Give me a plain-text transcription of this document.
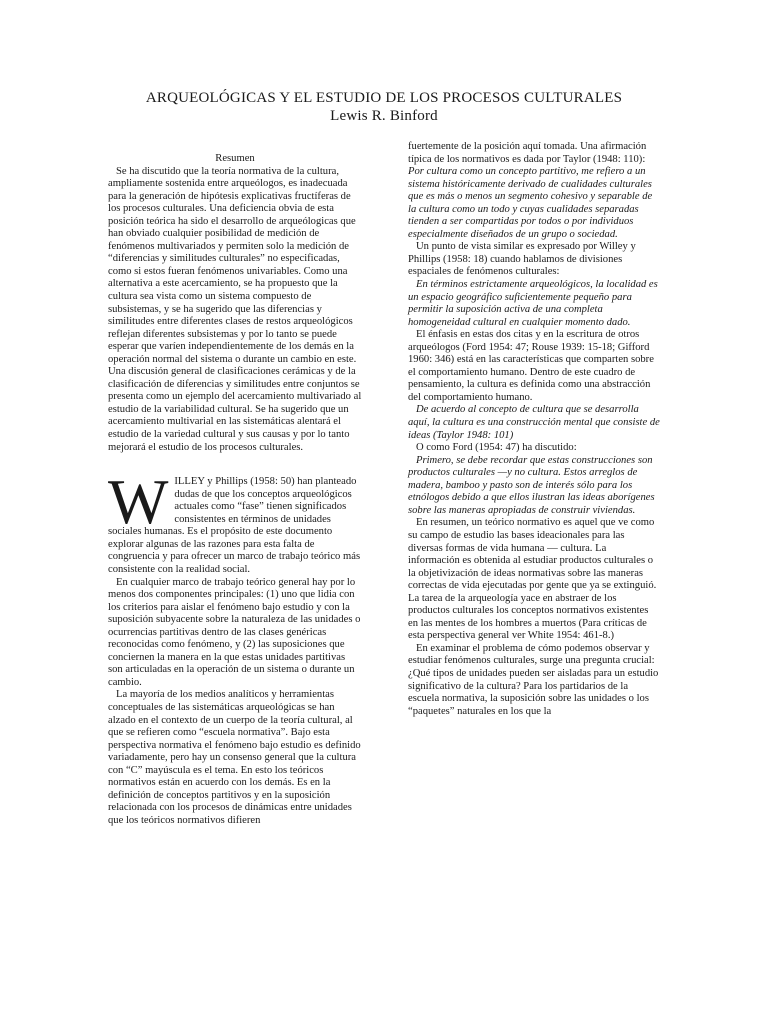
ARQUEOLÓGICAS Y EL ESTUDIO DE LOS PROCESOS CULTURALES
Lewis R. Binford

Resumen

Se ha discutido que la teoría normativa de la cultura, ampliamente sostenida entre arqueólogos, es inadecuada para la generación de hipótesis explicativas fructíferas de los procesos culturales. Una deficiencia obvia de esta posición teórica ha sido el desarrollo de arqueólogicas que han obviado cualquier posibilidad de medición de fenómenos multivariados y permiten solo la medición de “diferencias y similitudes culturales” no especificadas, como si estos fueran fenómenos univariables. Como una alternativa a este acercamiento, se ha propuesto que la cultura sea vista como un sistema compuesto de subsistemas, y se ha sugerido que las diferencias y similitudes entre diferentes clases de restos arqueológicos reflejan diferentes subsistemas y por lo tanto se puede esperar que varíen independientemente de los demás en la operación normal del sistema o durante un cambio en este. Una discusión general de clasificaciones cerámicas y de la clasificación de diferencias y similitudes entre conjuntos se presenta como un ejemplo del acercamiento multivariado al estudio de la variabilidad cultural. Se ha sugerido que un acercamiento multivarial en las sistemáticas alentará el estudio de la variedad cultural y sus causas y por lo tanto mejorará el estudio de los procesos culturales.

W ILLEY y Phillips (1958: 50) han planteado dudas de que los conceptos arqueológicos actuales como “fase” tienen significados consistentes en términos de unidades sociales humanas. Es el propósito de este documento explorar algunas de las razones para esta falta de congruencia y para ofrecer un marco de trabajo teórico más consistente con la realidad social.

En cualquier marco de trabajo teórico general hay por lo menos dos componentes principales: (1) uno que lidia con los criterios para aislar el fenómeno bajo estudio y con la suposición subyacente sobre la naturaleza de las unidades o ocurrencias partitivas dentro de las clases genéricas reconocidas como fenómeno, y (2) las suposiciones que conciernen la manera en la que estas unidades partitivas son articuladas en la operación de un sistema o durante un cambio.

La mayoría de los medios analíticos y herramientas conceptuales de las sistemáticas arqueológicas se han alzado en el contexto de un cuerpo de la teoría cultural, al que se refieren como “escuela normativa”. Bajo esta perspectiva normativa el fenómeno bajo estudio es definido variadamente, pero hay un consenso general que la cultura con “C” mayúscula es el tema. En esto los teóricos normativos están en acuerdo con los demás. Es en la definición de conceptos partitivos y en la suposición relacionada con los procesos de dinámicas entre unidades que los teóricos normativos difieren

fuertemente de la posición aquí tomada. Una afirmación típica de los normativos es dada por Taylor (1948: 110):

Por cultura como un concepto partitivo, me refiero a un sistema históricamente derivado de cualidades culturales que es más o menos un segmento cohesivo y separable de la cultura como un todo y cuyas cualidades separadas tienden a ser compartidas por todos o por individuos especialmente diseñados de un grupo o sociedad.

Un punto de vista similar es expresado por Willey y Phillips (1958: 18) cuando hablamos de divisiones espaciales de fenómenos culturales:

En términos estrictamente arqueológicos, la localidad es un espacio geográfico suficientemente pequeño para permitir la suposición activa de una completa homogeneidad cultural en cualquier momento dado.

El énfasis en estas dos citas y en la escritura de otros arqueólogos (Ford 1954: 47; Rouse 1939: 15-18; Gifford 1960: 346) está en las características que comparten sobre el comportamiento humano. Dentro de este cuadro de pensamiento, la cultura es definida como una abstracción del comportamiento humano.

De acuerdo al concepto de cultura que se desarrolla aquí, la cultura es una construcción mental que consiste de ideas (Taylor 1948: 101)

O como Ford (1954: 47) ha discutido:

Primero, se debe recordar que estas construcciones son productos culturales —y no cultura. Estos arreglos de madera, bamboo y pasto son de interés sólo para los etnólogos debido a que ellos ilustran las ideas aborígenes sobre las maneras apropiadas de construir viviendas.

En resumen, un teórico normativo es aquel que ve como su campo de estudio las bases ideacionales para las diversas formas de vida humana — cultura. La información es obtenida al estudiar productos culturales o la objetivización de ideas normativas sobre las maneras correctas de vida ejecutadas por gente que ya se extinguió. La tarea de la arqueología yace en abstraer de los productos culturales los conceptos normativos existentes en las mentes de los hombres a muertos (Para críticas de esta perspectiva general ver White 1954: 461-8.)

En examinar el problema de cómo podemos observar y estudiar fenómenos culturales, surge una pregunta crucial: ¿Qué tipos de unidades pueden ser aisladas para un estudio significativo de la cultura? Para los partidarios de la escuela normativa, la suposición sobre las unidades o los “paquetes” naturales en los que la
